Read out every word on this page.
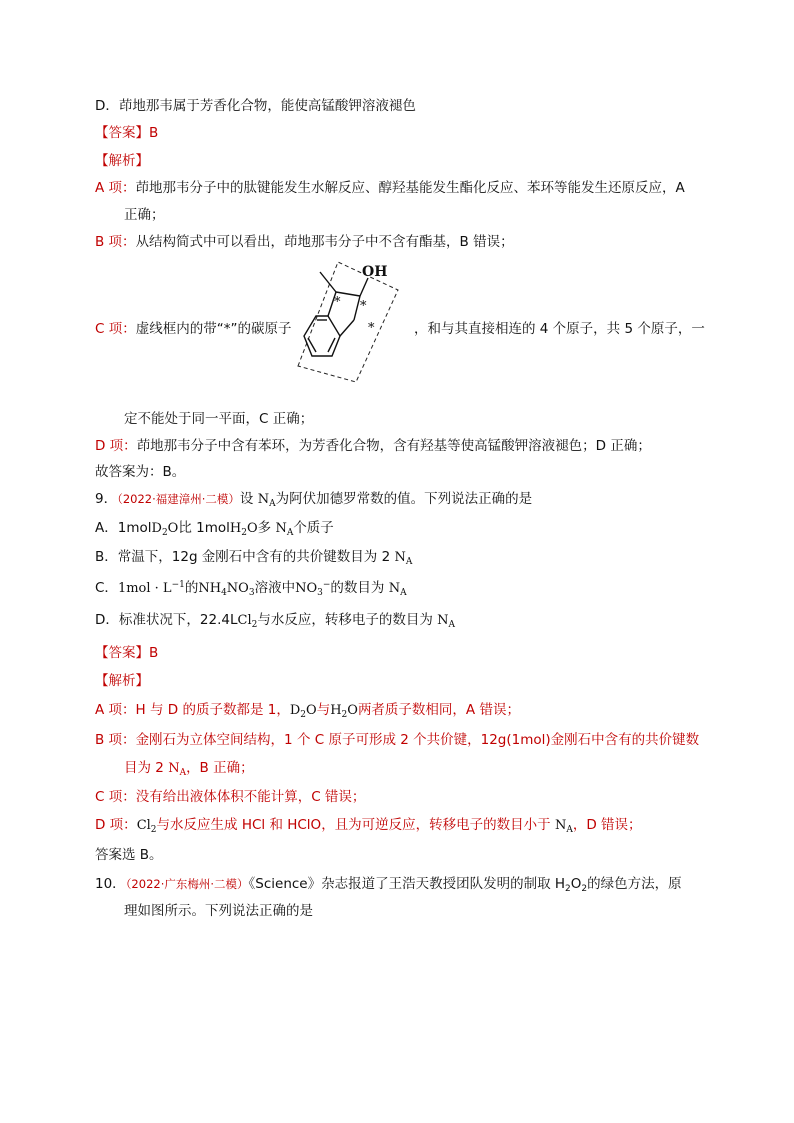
D．茚地那韦属于芳香化合物，能使高锰酸钾溶液褪色
【答案】B
【解析】
A 项：茚地那韦分子中的肽键能发生水解反应、醇羟基能发生酯化反应、苯环等能发生还原反应，A
正确；
B 项：从结构简式中可以看出，茚地那韦分子中不含有酯基，B 错误；
C 项：虚线框内的带“*”的碳原子	，和与其直接相连的 4 个原子，共 5 个原子，一
OH
* *
*
定不能处于同一平面，C 正确；
D 项：茚地那韦分子中含有苯环，为芳香化合物，含有羟基等使高锰酸钾溶液褪色；D 正确；
故答案为：B。
9．（2022·福建漳州·二模）设 $N_A$为阿伏加德罗常数的值。下列说法正确的是
A．1molD$_2$O比 1molH$_2$O多 $N_A$个质子
B．常温下，12g 金刚石中含有的共价键数目为 2 $N_A$
C．$1mol \cdot L^{-1}$的$NH_4NO_3$溶液中$NO_3^-$的数目为 $N_A$
D．标准状况下，22.4LCl$_2$与水反应，转移电子的数目为 $N_A$
【答案】B
【解析】
A 项：H 与 D 的质子数都是 1，$D_2O$与$H_2O$两者质子数相同，A 错误；
B 项：金刚石为立体空间结构，1 个 C 原子可形成 2 个共价键，12g(1mol)金刚石中含有的共价键数
目为 2 $N_A$，B 正确；
C 项：没有给出液体体积不能计算，C 错误；
D 项：$Cl_2$与水反应生成 HCl 和 HClO，且为可逆反应，转移电子的数目小于 $N_A$，D 错误；
答案选 B。
10．（2022·广东梅州·二模）《Science》杂志报道了王浩天教授团队发明的制取 $H_2O_2$的绿色方法，原
理如图所示。下列说法正确的是
